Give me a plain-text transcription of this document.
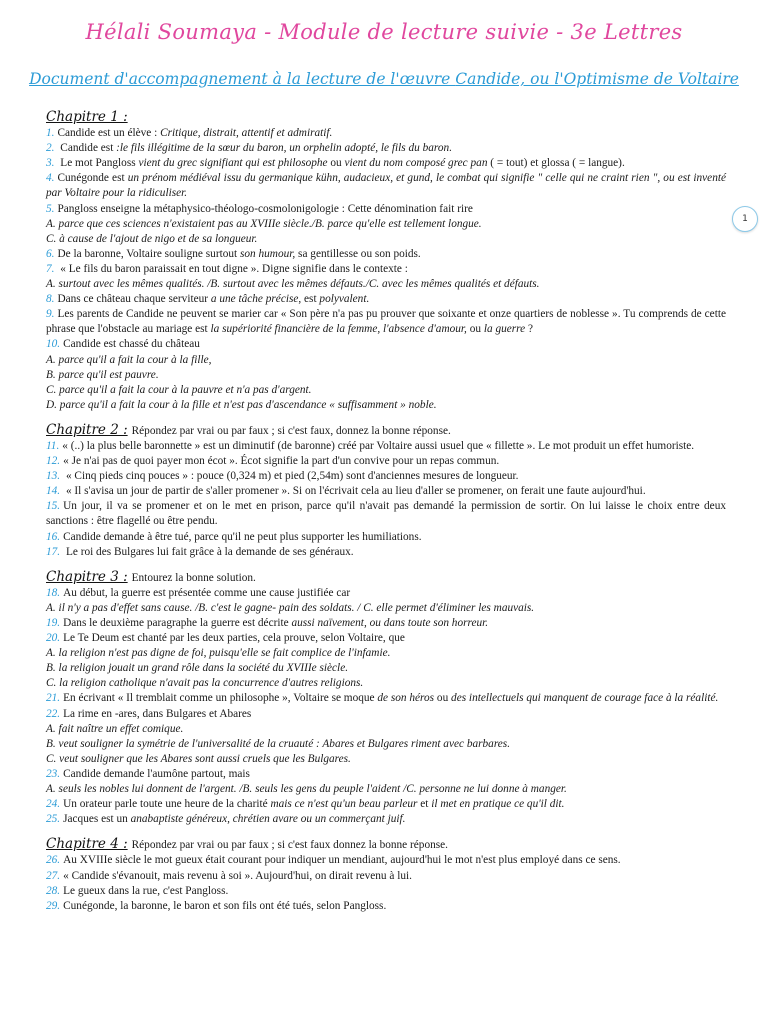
Hélali Soumaya - Module de lecture suivie - 3e Lettres
Document d'accompagnement à la lecture de l'œuvre Candide, ou l'Optimisme de Voltaire
1
Chapitre 1 :
1. Candide est un élève : Critique, distrait, attentif et admiratif.
2. Candide est :le fils illégitime de la sœur du baron, un orphelin adopté, le fils du baron.
3. Le mot Pangloss vient du grec signifiant qui est philosophe ou vient du nom composé grec pan ( = tout) et glossa ( = langue).
4. Cunégonde est un prénom médiéval issu du germanique kühn, audacieux, et gund, le combat qui signifie " celle qui ne craint rien ", ou est inventé par Voltaire pour la ridiculiser.
5. Pangloss enseigne la métaphysico-théologo-cosmolonigologie : Cette dénomination fait rire
A. parce que ces sciences n'existaient pas au XVIIIe siècle./B. parce qu'elle est tellement longue.
C. à cause de l'ajout de nigo et de sa longueur.
6. De la baronne, Voltaire souligne surtout son humour, sa gentillesse ou son poids.
7. « Le fils du baron paraissait en tout digne ». Digne signifie dans le contexte :
A. surtout avec les mêmes qualités. /B. surtout avec les mêmes défauts./C. avec les mêmes qualités et défauts.
8. Dans ce château chaque serviteur a une tâche précise, est polyvalent.
9. Les parents de Candide ne peuvent se marier car « Son père n'a pas pu prouver que soixante et onze quartiers de noblesse ». Tu comprends de cette phrase que l'obstacle au mariage est la supériorité financière de la femme, l'absence d'amour, ou la guerre ?
10. Candide est chassé du château
A. parce qu'il a fait la cour à la fille,
B. parce qu'il est pauvre.
C. parce qu'il a fait la cour à la pauvre et n'a pas d'argent.
D. parce qu'il a fait la cour à la fille et n'est pas d'ascendance « suffisamment » noble.
Chapitre 2 : Répondez par vrai ou par faux ; si c'est faux, donnez la bonne réponse.
11. « (..) la plus belle baronnette » est un diminutif (de baronne) créé par Voltaire aussi usuel que « fillette ». Le mot produit un effet humoriste.
12. « Je n'ai pas de quoi payer mon écot ». Écot signifie la part d'un convive pour un repas commun.
13. « Cinq pieds cinq pouces » : pouce (0,324 m) et pied (2,54m) sont d'anciennes mesures de longueur.
14. « Il s'avisa un jour de partir de s'aller promener ». Si on l'écrivait cela au lieu d'aller se promener, on ferait une faute aujourd'hui.
15. Un jour, il va se promener et on le met en prison, parce qu'il n'avait pas demandé la permission de sortir. On lui laisse le choix entre deux sanctions : être flagellé ou être pendu.
16. Candide demande à être tué, parce qu'il ne peut plus supporter les humiliations.
17. Le roi des Bulgares lui fait grâce à la demande de ses généraux.
Chapitre 3 : Entourez la bonne solution.
18. Au début, la guerre est présentée comme une cause justifiée car
A. il n'y a pas d'effet sans cause. /B. c'est le gagne- pain des soldats. / C. elle permet d'éliminer les mauvais.
19. Dans le deuxième paragraphe la guerre est décrite aussi naïvement, ou dans toute son horreur.
20. Le Te Deum est chanté par les deux parties, cela prouve, selon Voltaire, que
A. la religion n'est pas digne de foi, puisqu'elle se fait complice de l'infamie.
B. la religion jouait un grand rôle dans la société du XVIIIe siècle.
C. la religion catholique n'avait pas la concurrence d'autres religions.
21. En écrivant « Il tremblait comme un philosophe », Voltaire se moque de son héros ou des intellectuels qui manquent de courage face à la réalité.
22. La rime en -ares, dans Bulgares et Abares
A. fait naître un effet comique.
B. veut souligner la symétrie de l'universalité de la cruauté : Abares et Bulgares riment avec barbares.
C. veut souligner que les Abares sont aussi cruels que les Bulgares.
23. Candide demande l'aumône partout, mais
A. seuls les nobles lui donnent de l'argent. /B. seuls les gens du peuple l'aident /C. personne ne lui donne à manger.
24. Un orateur parle toute une heure de la charité mais ce n'est qu'un beau parleur et il met en pratique ce qu'il dit.
25. Jacques est un anabaptiste généreux, chrétien avare ou un commerçant juif.
Chapitre 4 : Répondez par vrai ou par faux ; si c'est faux donnez la bonne réponse.
26. Au XVIIIe siècle le mot gueux était courant pour indiquer un mendiant, aujourd'hui le mot n'est plus employé dans ce sens.
27. « Candide s'évanouit, mais revenu à soi ». Aujourd'hui, on dirait revenu à lui.
28. Le gueux dans la rue, c'est Pangloss.
29. Cunégonde, la baronne, le baron et son fils ont été tués, selon Pangloss.
